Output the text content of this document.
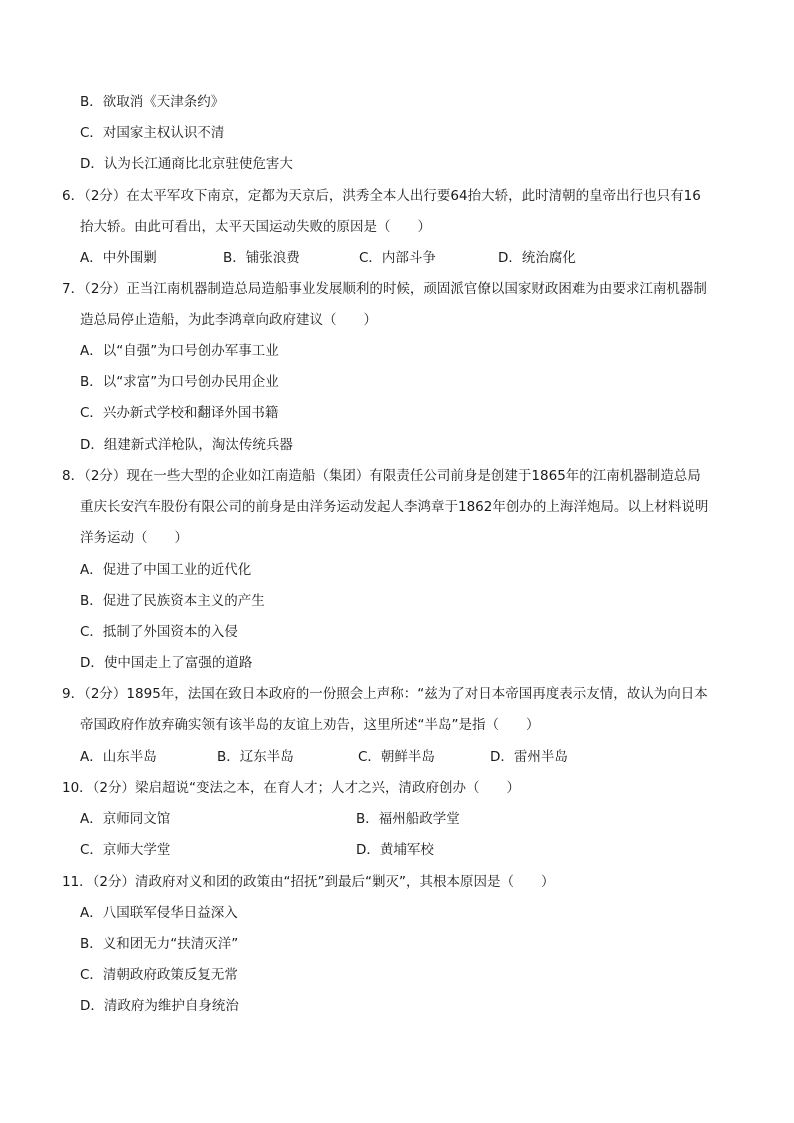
B．欲取消《天津条约》
C．对国家主权认识不清
D．认为长江通商比北京驻使危害大
6．（2分）在太平军攻下南京，定都为天京后，洪秀全本人出行要64抬大轿，此时清朝的皇帝出行也只有16
抬大轿。由此可看出，太平天国运动失败的原因是（　　）
A．中外围剿	B．铺张浪费	C．内部斗争	D．统治腐化
7．（2分）正当江南机器制造总局造船事业发展顺利的时候，顽固派官僚以国家财政困难为由要求江南机器制
造总局停止造船，为此李鸿章向政府建议（　　）
A．以“自强”为口号创办军事工业
B．以“求富”为口号创办民用企业
C．兴办新式学校和翻译外国书籍
D．组建新式洋枪队，淘汰传统兵器
8．（2分）现在一些大型的企业如江南造船（集团）有限责任公司前身是创建于1865年的江南机器制造总局
重庆长安汽车股份有限公司的前身是由洋务运动发起人李鸿章于1862年创办的上海洋炮局。以上材料说明
洋务运动（　　）
A．促进了中国工业的近代化
B．促进了民族资本主义的产生
C．抵制了外国资本的入侵
D．使中国走上了富强的道路
9．（2分）1895年，法国在致日本政府的一份照会上声称：“兹为了对日本帝国再度表示友情，故认为向日本
帝国政府作放弃确实领有该半岛的友谊上劝告，这里所述“半岛”是指（　　）
A．山东半岛	B．辽东半岛	C．朝鲜半岛	D．雷州半岛
10．（2分）梁启超说“变法之本，在育人才；人才之兴，清政府创办（　　）
A．京师同文馆	B．福州船政学堂
C．京师大学堂	D．黄埔军校
11．（2分）清政府对义和团的政策由“招抚”到最后“剿灭”，其根本原因是（　　）
A．八国联军侵华日益深入
B．义和团无力“扶清灭洋”
C．清朝政府政策反复无常
D．清政府为维护自身统治
